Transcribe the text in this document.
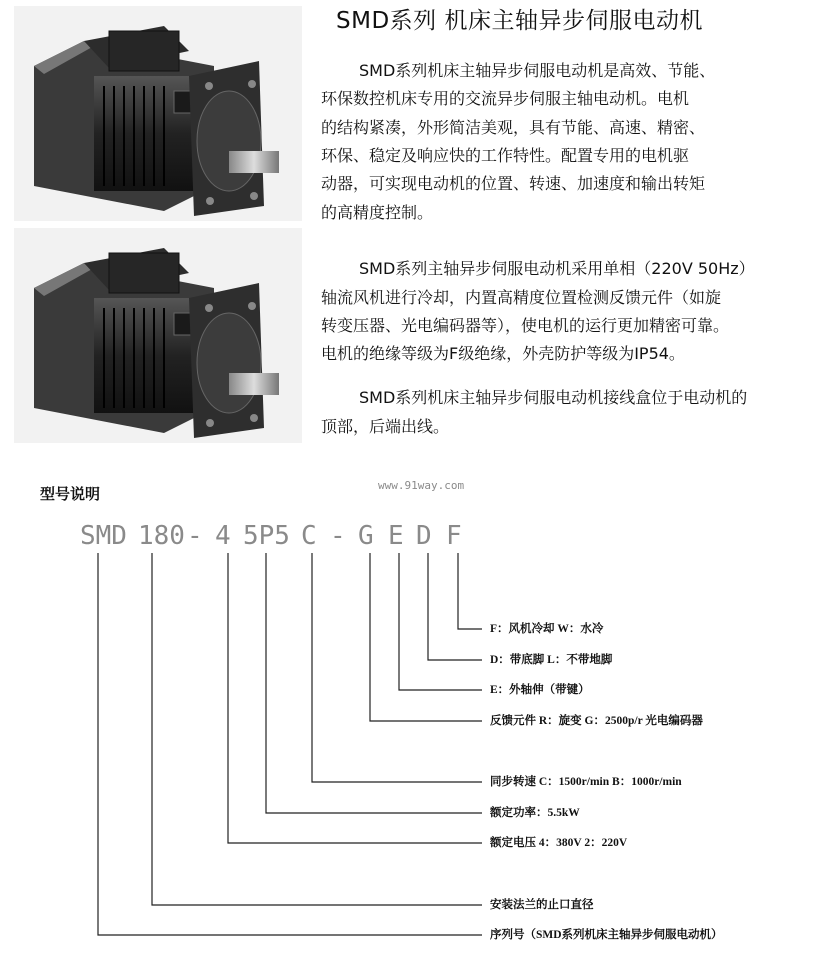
SMD系列 机床主轴异步伺服电动机
SMD系列机床主轴异步伺服电动机是高效、节能、
环保数控机床专用的交流异步伺服主轴电动机。电机
的结构紧凑，外形简洁美观，具有节能、高速、精密、
环保、稳定及响应快的工作特性。配置专用的电机驱
动器，可实现电动机的位置、转速、加速度和输出转矩
的高精度控制。
SMD系列主轴异步伺服电动机采用单相（220V 50Hz）
轴流风机进行冷却，内置高精度位置检测反馈元件（如旋
转变压器、光电编码器等），使电机的运行更加精密可靠。
电机的绝缘等级为F级绝缘，外壳防护等级为IP54。
SMD系列机床主轴异步伺服电动机接线盒位于电动机的
顶部，后端出线。
www.91way.com
型号说明
SMD 180 - 4 5P5 C - G E D F
F：风机冷却 W：水冷
D：带底脚 L：不带地脚
E：外轴伸（带键）
反馈元件 R：旋变 G：2500p/r 光电编码器
同步转速 C：1500r/min B：1000r/min
额定功率：5.5kW
额定电压 4：380V 2：220V
安装法兰的止口直径
序列号（SMD系列机床主轴异步伺服电动机）
